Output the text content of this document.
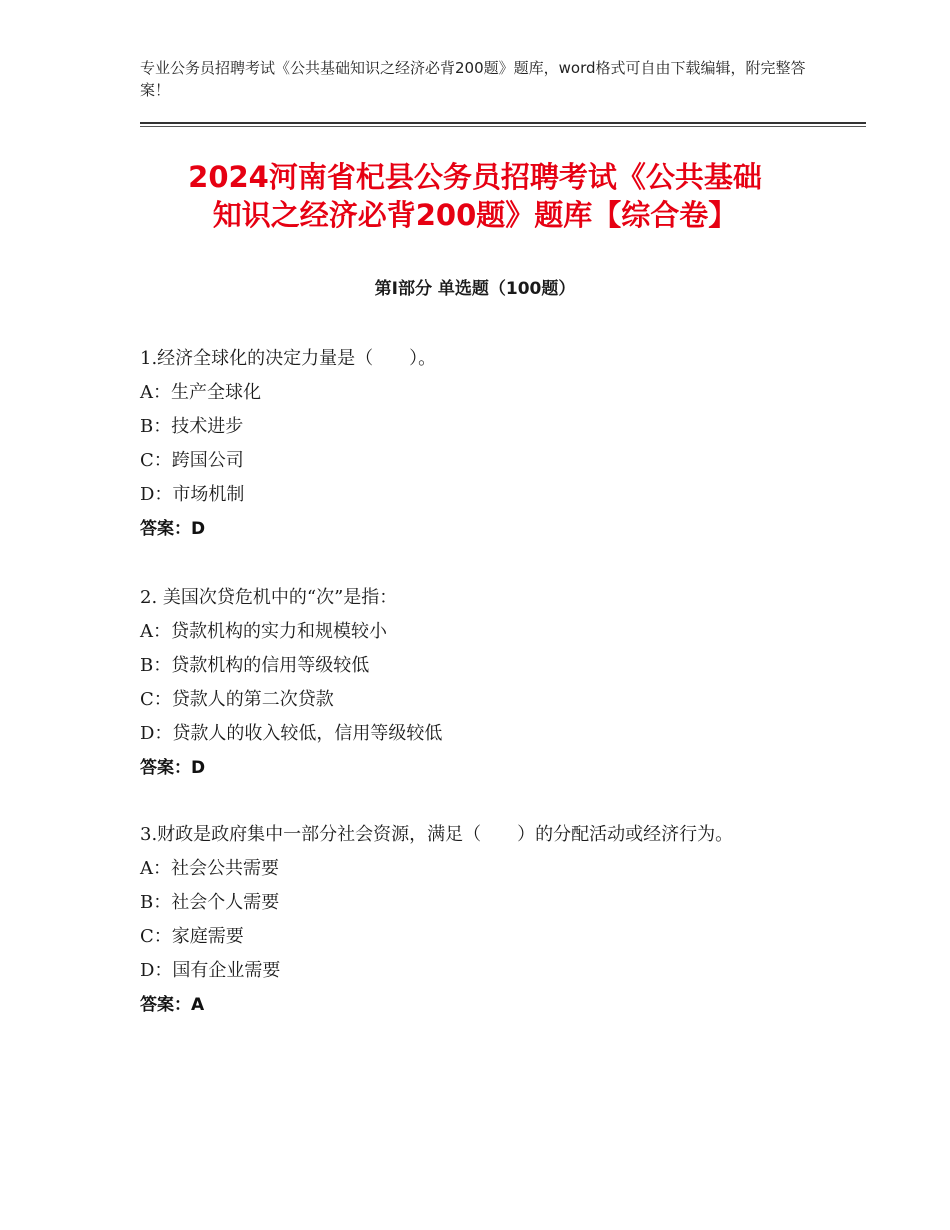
专业公务员招聘考试《公共基础知识之经济必背200题》题库，word格式可自由下载编辑，附完整答案！
2024河南省杞县公务员招聘考试《公共基础
知识之经济必背200题》题库【综合卷】
第I部分 单选题（100题）

1.经济全球化的决定力量是（　　）。

A：生产全球化
B：技术进步
C：跨国公司
D：市场机制
答案：D

2. 美国次贷危机中的“次”是指：

A：贷款机构的实力和规模较小
B：贷款机构的信用等级较低
C：贷款人的第二次贷款
D：贷款人的收入较低，信用等级较低
答案：D

3.财政是政府集中一部分社会资源，满足（　　）的分配活动或经济行为。

A：社会公共需要
B：社会个人需要
C：家庭需要
D：国有企业需要
答案：A
